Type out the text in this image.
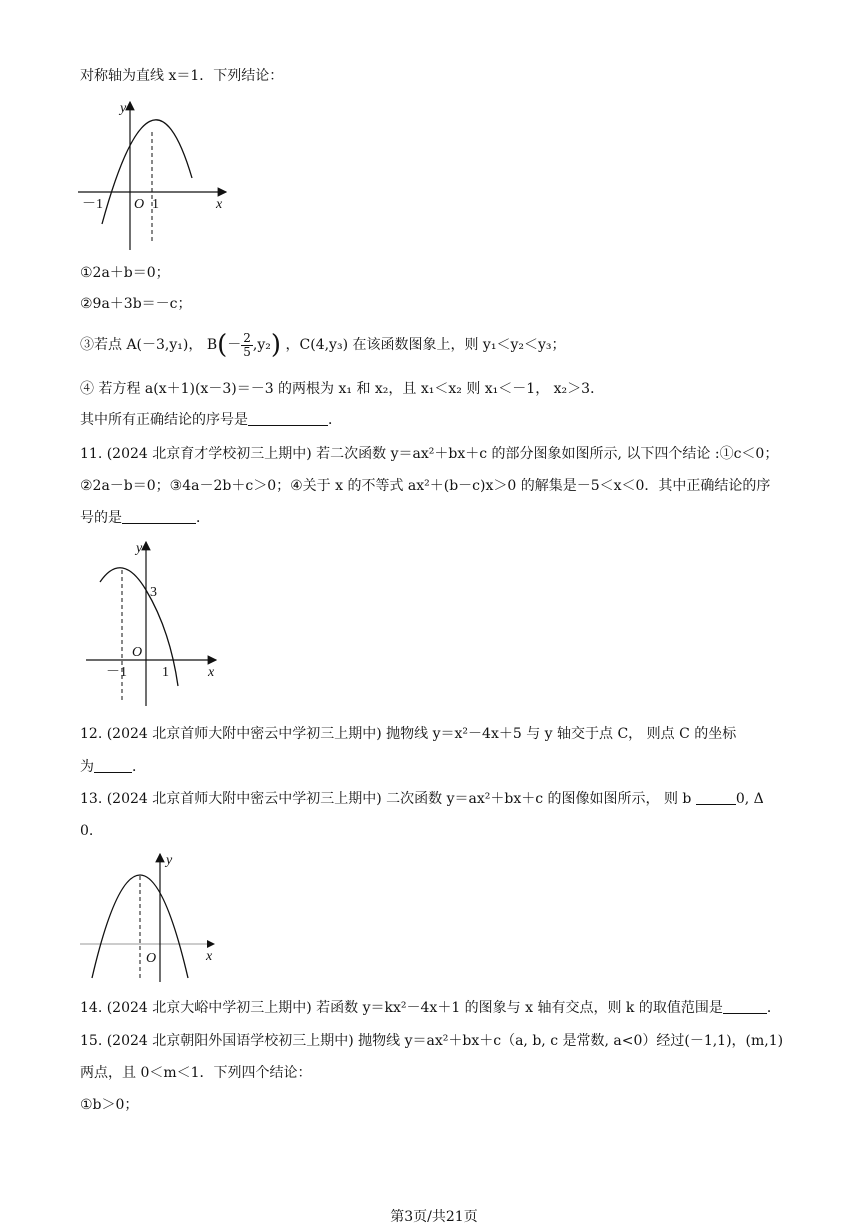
对称轴为直线 x＝1．下列结论：
y
x
O
－1	1
①2a＋b＝0；
②9a＋3b＝－c；
③若点 A(－3,y₁)， $B(- \frac{2}{5} ,y_2)$ ，C(4,y₃) 在该函数图象上，则 y₁＜y₂＜y₃；
④ 若方程 a(x＋1)(x－3)＝－3 的两根为 x₁ 和 x₂，且 x₁＜x₂ 则 x₁＜－1， x₂＞3．
其中所有正确结论的序号是	．
11. (2024 北京育才学校初三上期中) 若二次函数 y＝ax²＋bx＋c 的部分图象如图所示, 以下四个结论 :①c＜0；
②2a－b＝0；③4a－2b＋c＞0；④关于 x 的不等式 ax²＋(b－c)x＞0 的解集是－5＜x＜0．其中正确结论的序
号的是	．
y
x
O
－1	1
3
12. (2024 北京首师大附中密云中学初三上期中) 抛物线 y＝x²－4x＋5 与 y 轴交于点 C， 则点 C 的坐标
为	．
13. (2024 北京首师大附中密云中学初三上期中) 二次函数 y＝ax²＋bx＋c 的图像如图所示， 则 b	0, Δ
0.
y
x
O
14. (2024 北京大峪中学初三上期中) 若函数 y＝kx²－4x＋1 的图象与 x 轴有交点，则 k 的取值范围是	．
15. (2024 北京朝阳外国语学校初三上期中) 抛物线 y＝ax²＋bx＋c（a, b, c 是常数, a<0）经过(－1,1)，(m,1)
两点，且 0＜m＜1．下列四个结论：
①b＞0；
第3页/共21页
